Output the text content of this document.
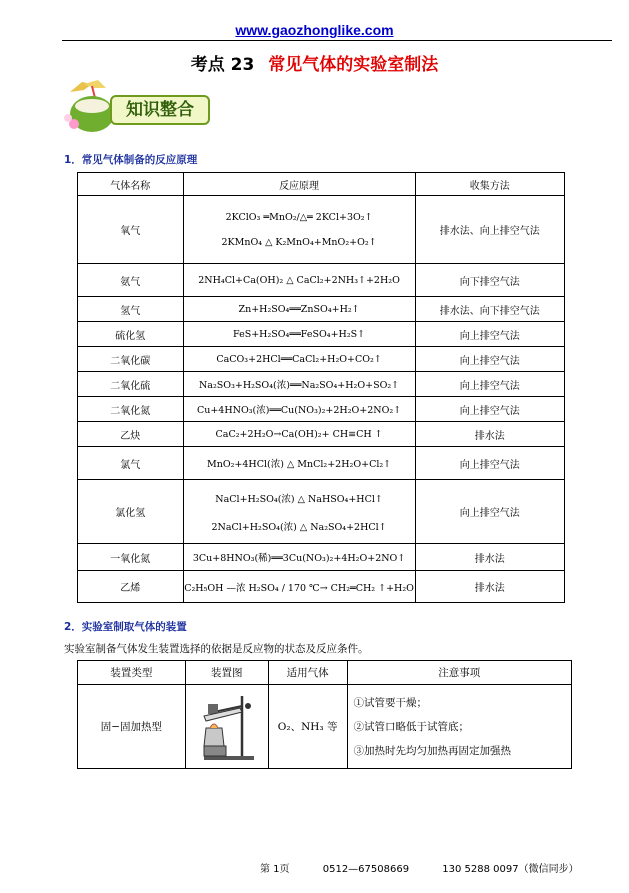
www.gaozhonglike.com
考点 23 常见气体的实验室制法
知识整合
1．常见气体制备的反应原理
气体名称	反应原理	收集方法
氧气	2KClO₃ ═MnO₂/△═ 2KCl+3O₂↑
2KMnO₄ △ K₂MnO₄+MnO₂+O₂↑	排水法、向上排空气法
氨气	2NH₄Cl+Ca(OH)₂ △ CaCl₂+2NH₃↑+2H₂O	向下排空气法
氢气	Zn+H₂SO₄══ZnSO₄+H₂↑	排水法、向下排空气法
硫化氢	FeS+H₂SO₄══FeSO₄+H₂S↑	向上排空气法
二氧化碳	CaCO₃+2HCl══CaCl₂+H₂O+CO₂↑	向上排空气法
二氧化硫	Na₂SO₃+H₂SO₄(浓)══Na₂SO₄+H₂O+SO₂↑	向上排空气法
二氧化氮	Cu+4HNO₃(浓)══Cu(NO₃)₂+2H₂O+2NO₂↑	向上排空气法
乙炔	CaC₂+2H₂O→Ca(OH)₂+ CH≡CH ↑	排水法
氯气	MnO₂+4HCl(浓) △ MnCl₂+2H₂O+Cl₂↑	向上排空气法
氯化氢	NaCl+H₂SO₄(浓) △ NaHSO₄+HCl↑
2NaCl+H₂SO₄(浓) △ Na₂SO₄+2HCl↑	向上排空气法
一氧化氮	3Cu+8HNO₃(稀)══3Cu(NO₃)₂+4H₂O+2NO↑	排水法
乙烯	C₂H₅OH —浓 H₂SO₄ / 170 ℃→ CH₂═CH₂ ↑+H₂O	排水法
2．实验室制取气体的装置
实验室制备气体发生装置选择的依据是反应物的状态及反应条件。
装置类型	装置图	适用气体	注意事项
固−固加热型		O₂、NH₃ 等	①试管要干燥；
②试管口略低于试管底；
③加热时先均匀加热再固定加强热
第 1页	0512—67508669	130 5288 0097（微信同步）
